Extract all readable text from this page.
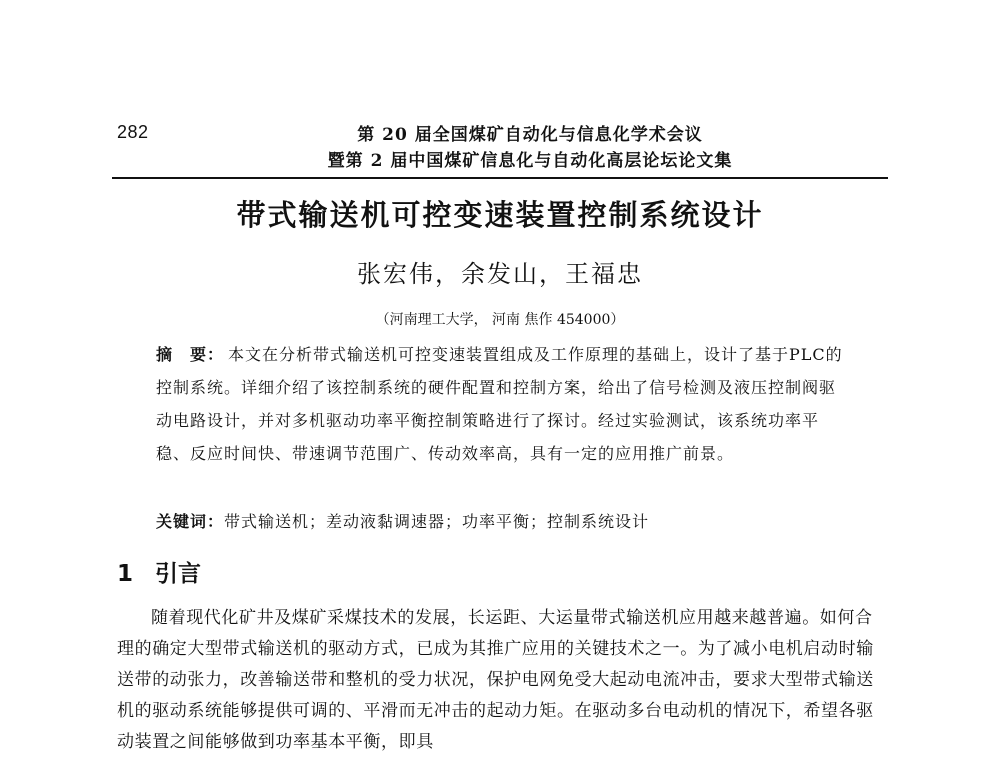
282	第 20 届全国煤矿自动化与信息化学术会议
暨第 2 届中国煤矿信息化与自动化高层论坛论文集
带式输送机可控变速装置控制系统设计
张宏伟，余发山，王福忠
（河南理工大学， 河南 焦作 454000）

摘　要： 本文在分析带式输送机可控变速装置组成及工作原理的基础上，设计了基于PLC的控制系统。详细介绍了该控制系统的硬件配置和控制方案，给出了信号检测及液压控制阀驱动电路设计，并对多机驱动功率平衡控制策略进行了探讨。经过实验测试，该系统功率平稳、反应时间快、带速调节范围广、传动效率高，具有一定的应用推广前景。

关键词：带式输送机；差动液黏调速器；功率平衡；控制系统设计

1 引言

随着现代化矿井及煤矿采煤技术的发展，长运距、大运量带式输送机应用越来越普遍。如何合理的确定大型带式输送机的驱动方式，已成为其推广应用的关键技术之一。为了减小电机启动时输送带的动张力，改善输送带和整机的受力状况，保护电网免受大起动电流冲击，要求大型带式输送机的驱动系统能够提供可调的、平滑而无冲击的起动力矩。在驱动多台电动机的情况下，希望各驱动装置之间能够做到功率基本平衡，即具
